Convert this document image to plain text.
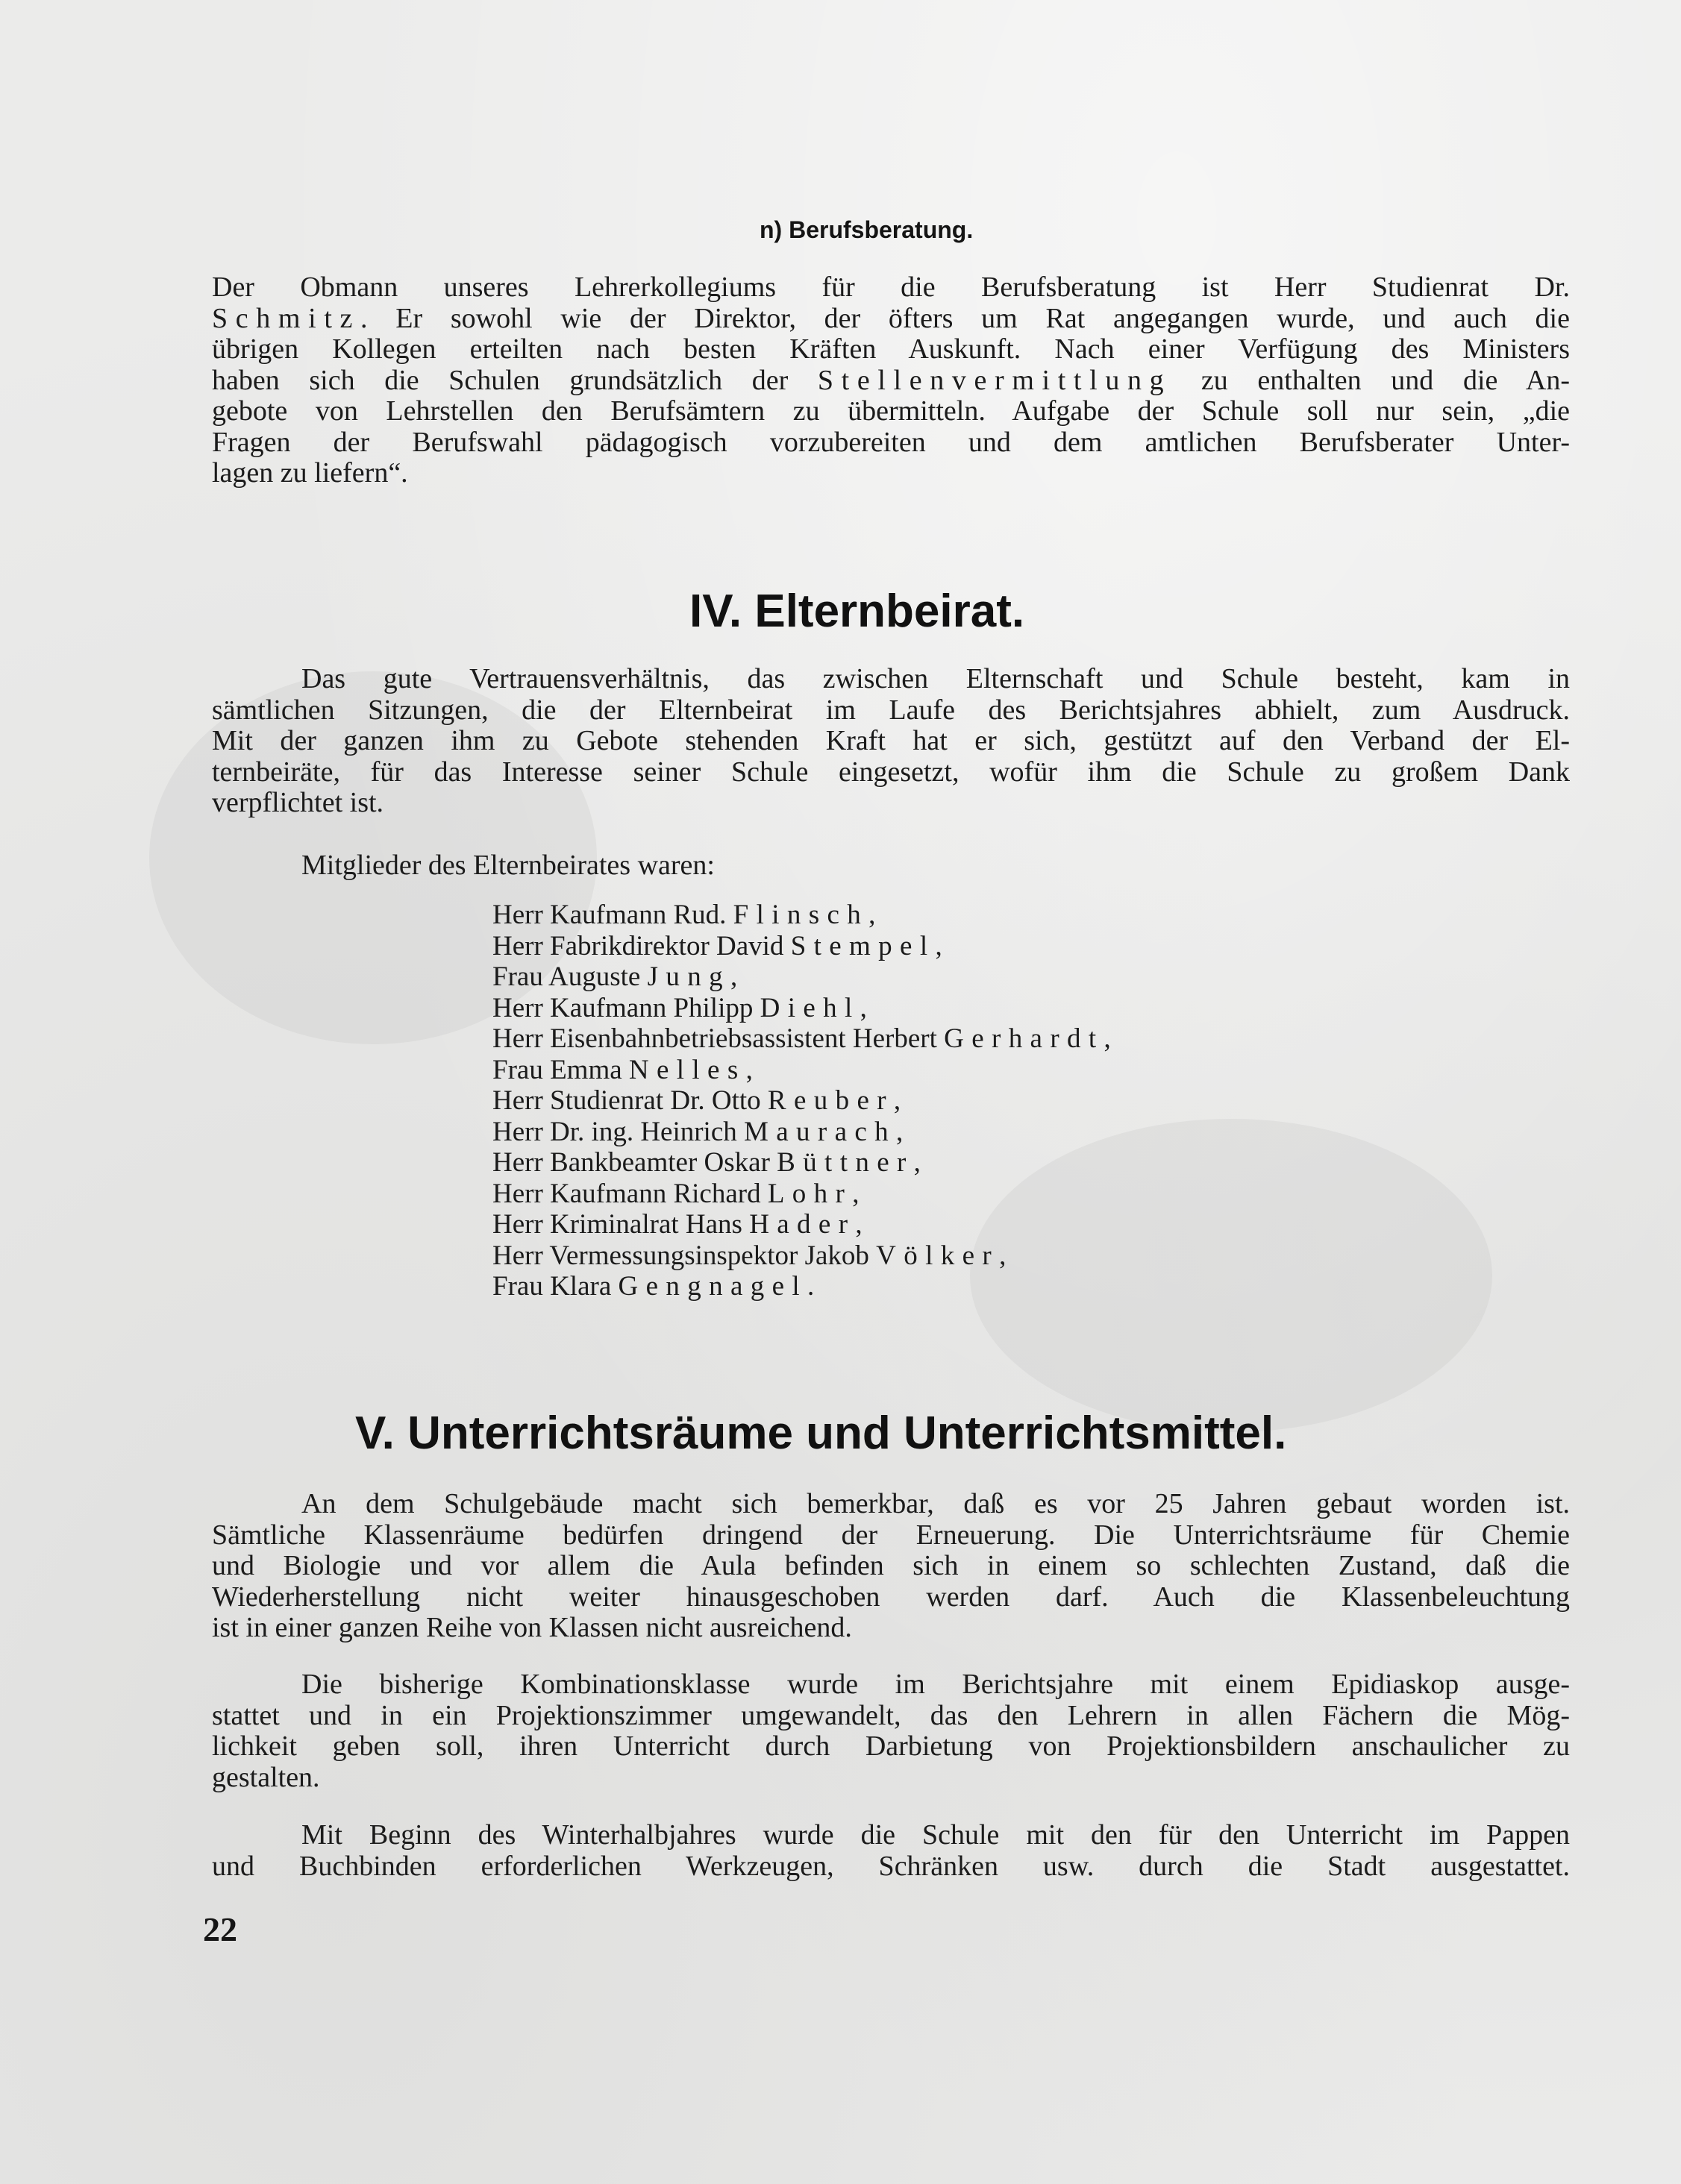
n) Berufsberatung.
Der Obmann unseres Lehrerkollegiums für die Berufsberatung ist Herr Studienrat Dr.
Schmitz. Er sowohl wie der Direktor, der öfters um Rat angegangen wurde, und auch die
übrigen Kollegen erteilten nach besten Kräften Auskunft. Nach einer Verfügung des Ministers
haben sich die Schulen grundsätzlich der Stellenvermittlung zu enthalten und die An-
gebote von Lehrstellen den Berufsämtern zu übermitteln. Aufgabe der Schule soll nur sein, „die
Fragen der Berufswahl pädagogisch vorzubereiten und dem amtlichen Berufsberater Unter-
lagen zu liefern“.
IV. Elternbeirat.
Das gute Vertrauensverhältnis, das zwischen Elternschaft und Schule besteht, kam in
sämtlichen Sitzungen, die der Elternbeirat im Laufe des Berichtsjahres abhielt, zum Ausdruck.
Mit der ganzen ihm zu Gebote stehenden Kraft hat er sich, gestützt auf den Verband der El-
ternbeiräte, für das Interesse seiner Schule eingesetzt, wofür ihm die Schule zu großem Dank
verpflichtet ist.
Mitglieder des Elternbeirates waren:
Herr Kaufmann Rud. Flinsch,
Herr Fabrikdirektor David Stempel,
Frau Auguste Jung,
Herr Kaufmann Philipp Diehl,
Herr Eisenbahnbetriebsassistent Herbert Gerhardt,
Frau Emma Nelles,
Herr Studienrat Dr. Otto Reuber,
Herr Dr. ing. Heinrich Maurach,
Herr Bankbeamter Oskar Büttner,
Herr Kaufmann Richard Lohr,
Herr Kriminalrat Hans Hader,
Herr Vermessungsinspektor Jakob Völker,
Frau Klara Gengnagel.
V. Unterrichtsräume und Unterrichtsmittel.
An dem Schulgebäude macht sich bemerkbar, daß es vor 25 Jahren gebaut worden ist.
Sämtliche Klassenräume bedürfen dringend der Erneuerung. Die Unterrichtsräume für Chemie
und Biologie und vor allem die Aula befinden sich in einem so schlechten Zustand, daß die
Wiederherstellung nicht weiter hinausgeschoben werden darf. Auch die Klassenbeleuchtung
ist in einer ganzen Reihe von Klassen nicht ausreichend.
Die bisherige Kombinationsklasse wurde im Berichtsjahre mit einem Epidiaskop ausge-
stattet und in ein Projektionszimmer umgewandelt, das den Lehrern in allen Fächern die Mög-
lichkeit geben soll, ihren Unterricht durch Darbietung von Projektionsbildern anschaulicher zu
gestalten.
Mit Beginn des Winterhalbjahres wurde die Schule mit den für den Unterricht im Pappen
und Buchbinden erforderlichen Werkzeugen, Schränken usw. durch die Stadt ausgestattet.
22
